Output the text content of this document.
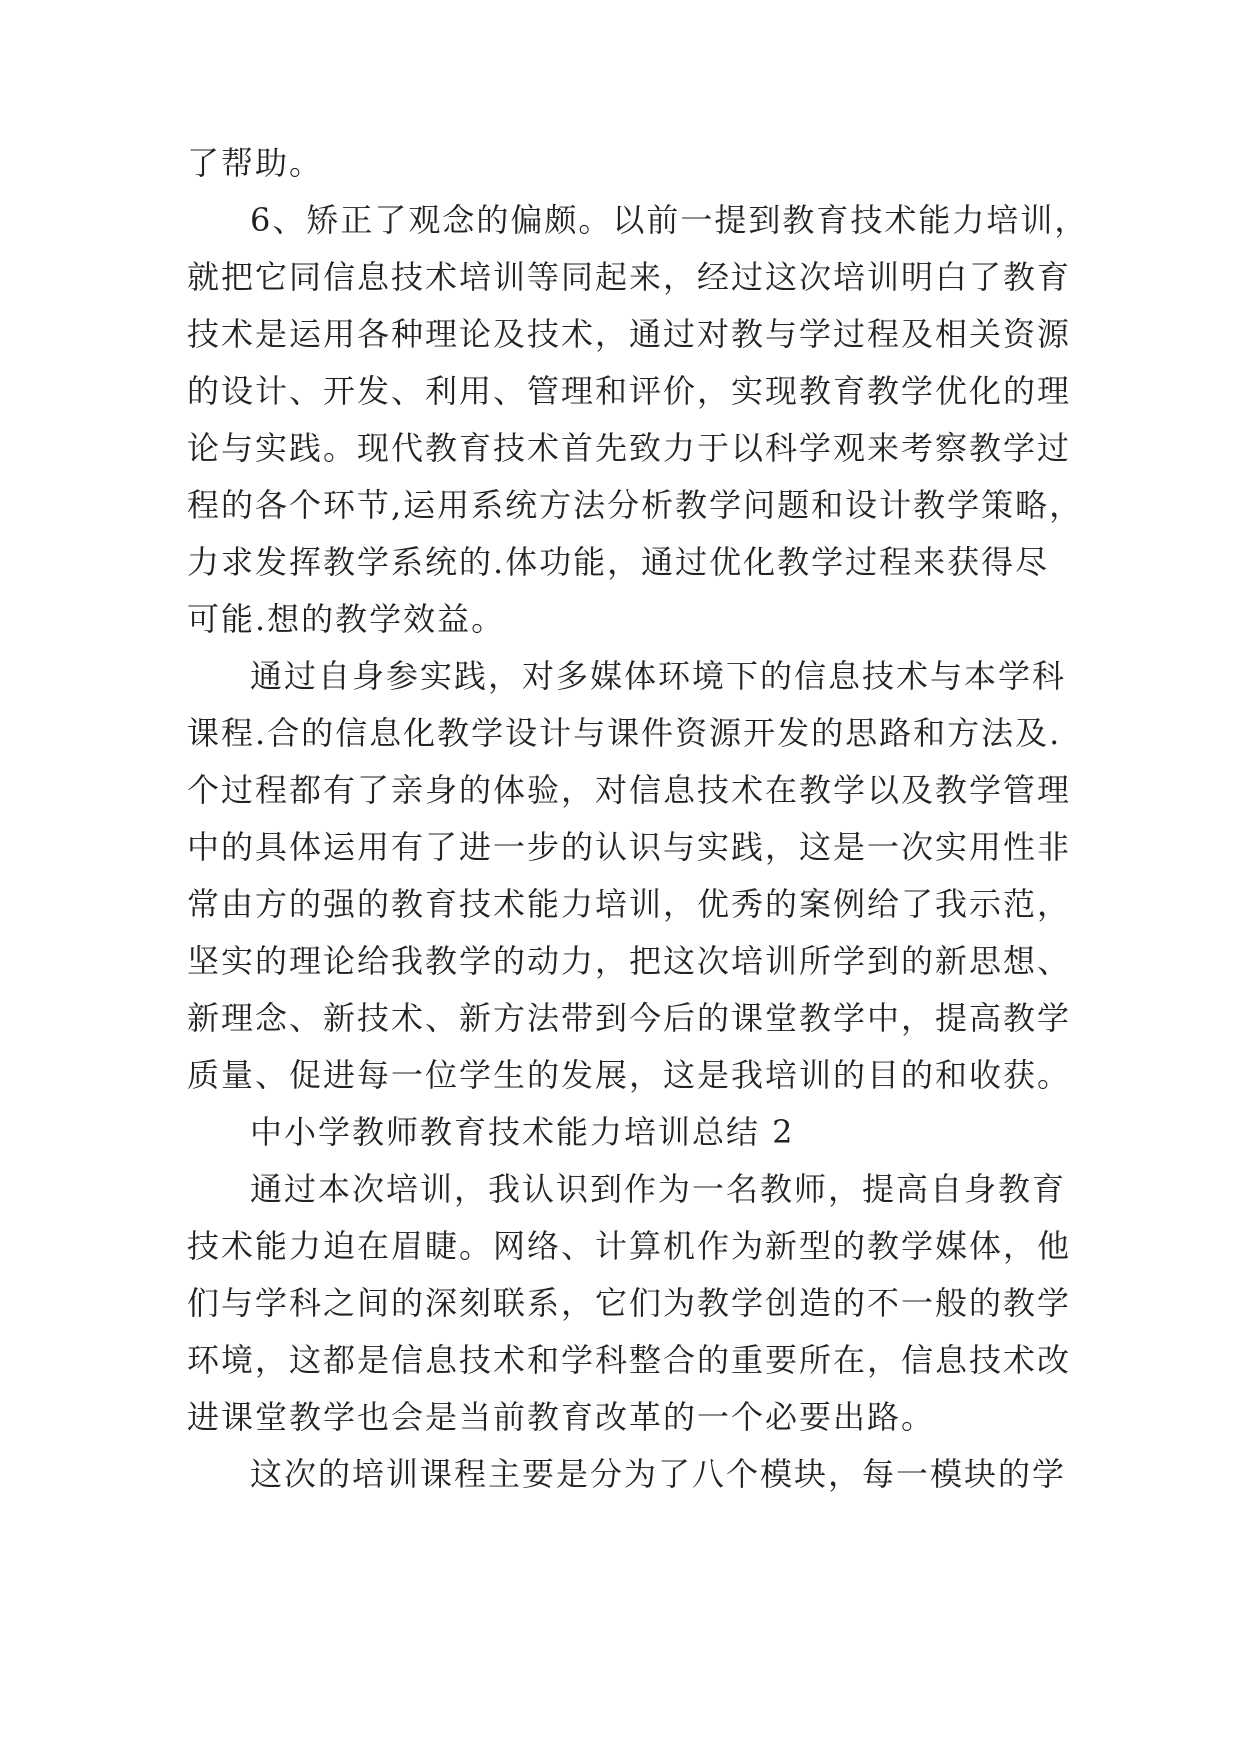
了帮助。
6、矫正了观念的偏颇。以前一提到教育技术能力培训，
就把它同信息技术培训等同起来，经过这次培训明白了教育
技术是运用各种理论及技术，通过对教与学过程及相关资源
的设计、开发、利用、管理和评价，实现教育教学优化的理
论与实践。现代教育技术首先致力于以科学观来考察教学过
程的各个环节,运用系统方法分析教学问题和设计教学策略，
力求发挥教学系统的.体功能，通过优化教学过程来获得尽
可能.想的教学效益。
通过自身参实践，对多媒体环境下的信息技术与本学科
课程.合的信息化教学设计与课件资源开发的思路和方法及.
个过程都有了亲身的体验，对信息技术在教学以及教学管理
中的具体运用有了进一步的认识与实践，这是一次实用性非
常由方的强的教育技术能力培训，优秀的案例给了我示范，
坚实的理论给我教学的动力，把这次培训所学到的新思想、
新理念、新技术、新方法带到今后的课堂教学中，提高教学
质量、促进每一位学生的发展，这是我培训的目的和收获。
中小学教师教育技术能力培训总结 2
通过本次培训，我认识到作为一名教师，提高自身教育
技术能力迫在眉睫。网络、计算机作为新型的教学媒体，他
们与学科之间的深刻联系，它们为教学创造的不一般的教学
环境，这都是信息技术和学科整合的重要所在，信息技术改
进课堂教学也会是当前教育改革的一个必要出路。
这次的培训课程主要是分为了八个模块，每一模块的学
